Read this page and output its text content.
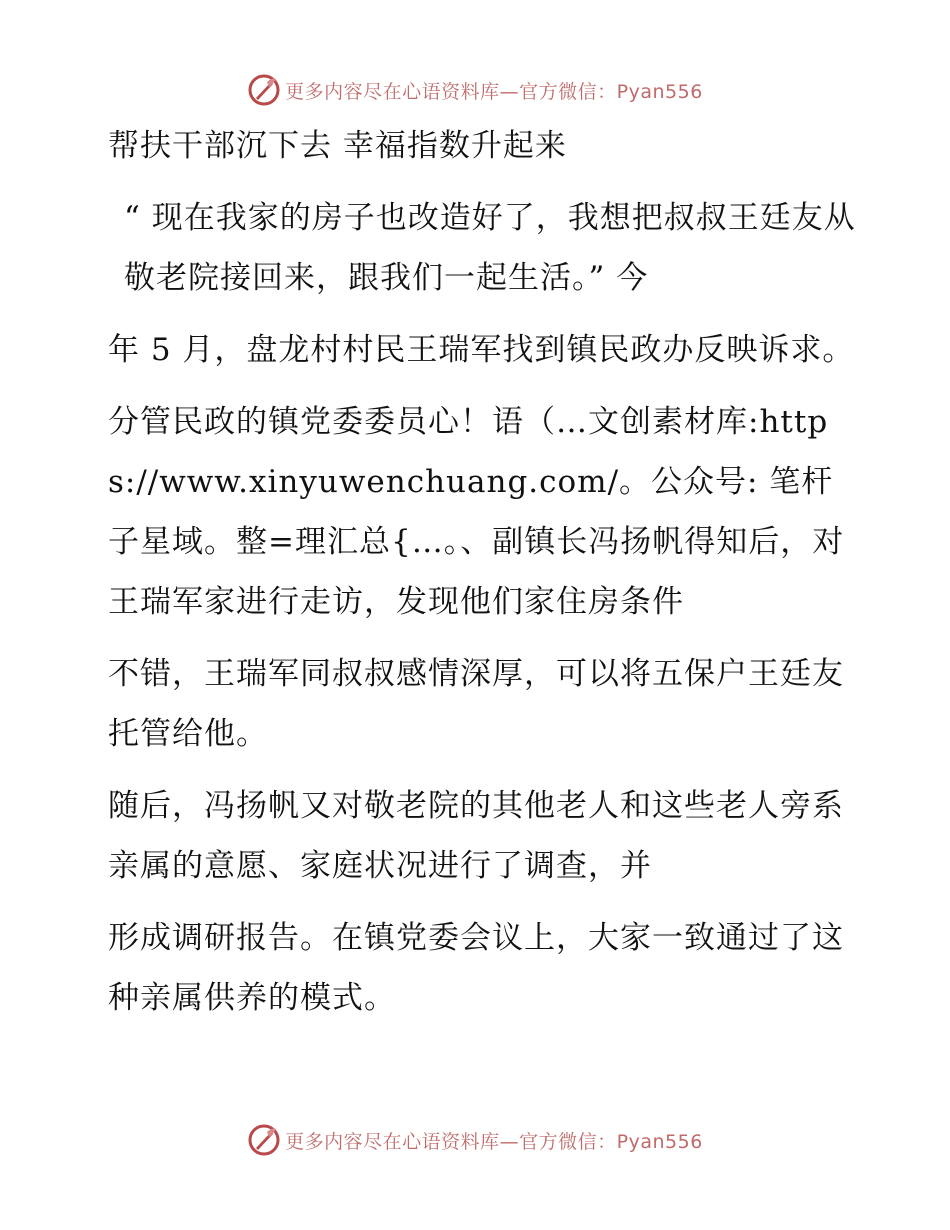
更多内容尽在心语资料库—官方微信：Pyan556
帮扶干部沉下去 幸福指数升起来
“ 现在我家的房子也改造好了，我想把叔叔王廷友从敬老院接回来，跟我们一起生活。” 今
年 5 月，盘龙村村民王瑞军找到镇民政办反映诉求。
分管民政的镇党委委员心！语（…文创素材库:https://www.xinyuwenchuang.com/。公众号: 笔杆子星域。整=理汇总{…。、副镇长冯扬帆得知后，对王瑞军家进行走访，发现他们家住房条件
不错，王瑞军同叔叔感情深厚，可以将五保户王廷友托管给他。
随后，冯扬帆又对敬老院的其他老人和这些老人旁系亲属的意愿、家庭状况进行了调查，并
形成调研报告。在镇党委会议上，大家一致通过了这种亲属供养的模式。
更多内容尽在心语资料库—官方微信：Pyan556
